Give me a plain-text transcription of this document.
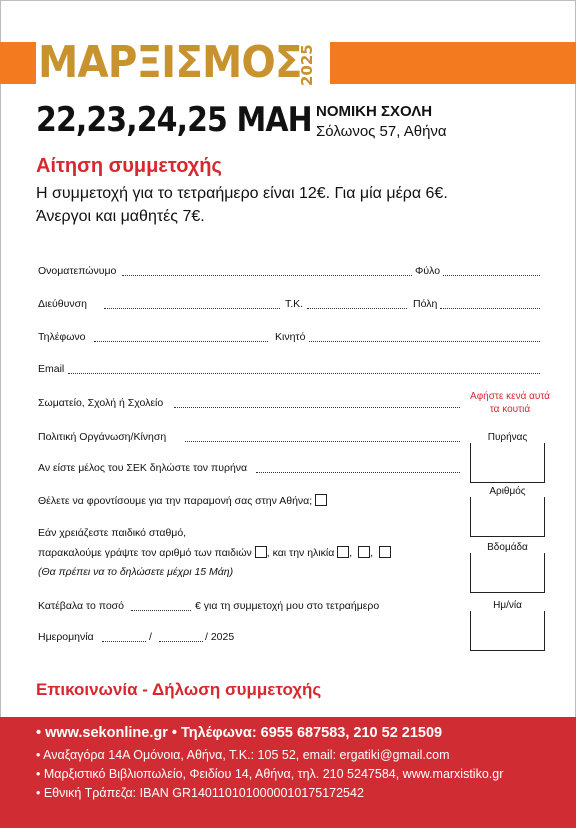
ΜΑΡΞΙΣΜΟΣ
2025
22,23,24,25 ΜΑΗ ΝΟΜΙΚΗ ΣΧΟΛΗ
Σόλωνος 57, Αθήνα
Αίτηση συμμετοχής
Η συμμετοχή για το τετραήμερο είναι 12€. Για μία μέρα 6€.
Άνεργοι και μαθητές 7€.
Ονοματεπώνυμο	Φύλο
Διεύθυνση	Τ.Κ.	Πόλη
Τηλέφωνο	Κινητό
Email
Σωματείο, Σχολή ή Σχολείο
Αφήστε κενά αυτά τα κουτιά
Πολιτική Οργάνωση/Κίνηση
Αν είστε μέλος του ΣΕΚ δηλώστε τον πυρήνα
Θέλετε να φροντίσουμε για την παραμονή σας στην Αθήνα;
Εάν χρειάζεστε παιδικό σταθμό,
παρακαλούμε γράψτε τον αριθμό των παιδιών , και την ηλικία , ,
(Θα πρέπει να το δηλώσετε μέχρι 15 Μάη)
Κατέβαλα το ποσό	€ για τη συμμετοχή μου στο τετραήμερο
Ημερομηνία	/	/ 2025
Πυρήνας
Αριθμός
Βδομάδα
Ημ/νία
Επικοινωνία - Δήλωση συμμετοχής
• www.sekonline.gr • Τηλέφωνα: 6955 687583, 210 52 21509
• Αναξαγόρα 14Α Ομόνοια, Αθήνα, Τ.Κ.: 105 52, email: ergatiki@gmail.com
• Μαρξιστικό Βιβλιοπωλείο, Φειδίου 14, Αθήνα, τηλ. 210 5247584, www.marxistiko.gr
• Εθνική Τράπεζα: IBAN GR1401101010000010175172542
